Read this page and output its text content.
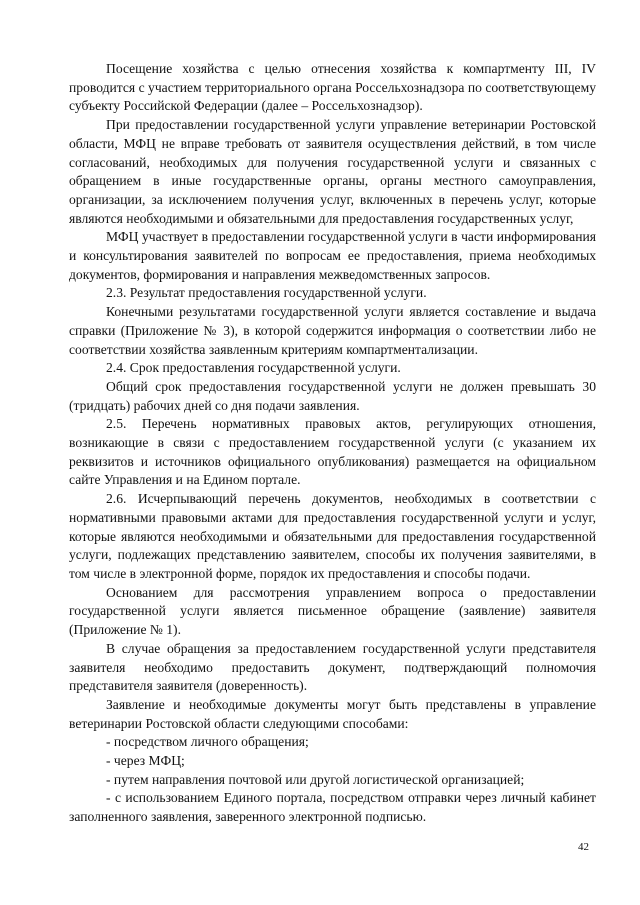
Посещение хозяйства с целью отнесения хозяйства к компартменту III, IV проводится с участием территориального органа Россельхознадзора по соответствующему субъекту Российской Федерации (далее – Россельхознадзор).

При предоставлении государственной услуги управление ветеринарии Ростовской области, МФЦ не вправе требовать от заявителя осуществления действий, в том числе согласований, необходимых для получения государственной услуги и связанных с обращением в иные государственные органы, органы местного самоуправления, организации, за исключением получения услуг, включенных в перечень услуг, которые являются необходимыми и обязательными для предоставления государственных услуг,

МФЦ участвует в предоставлении государственной услуги в части информирования и консультирования заявителей по вопросам ее предоставления, приема необходимых документов, формирования и направления межведомственных запросов.

2.3. Результат предоставления государственной услуги.

Конечными результатами государственной услуги является составление и выдача справки (Приложение № 3), в которой содержится информация о соответствии либо не соответствии хозяйства заявленным критериям компартментализации.

2.4. Срок предоставления государственной услуги.

Общий срок предоставления государственной услуги не должен превышать 30 (тридцать) рабочих дней со дня подачи заявления.

2.5. Перечень нормативных правовых актов, регулирующих отношения, возникающие в связи с предоставлением государственной услуги (с указанием их реквизитов и источников официального опубликования) размещается на официальном сайте Управления и на Едином портале.

2.6. Исчерпывающий перечень документов, необходимых в соответствии с нормативными правовыми актами для предоставления государственной услуги и услуг, которые являются необходимыми и обязательными для предоставления государственной услуги, подлежащих представлению заявителем, способы их получения заявителями, в том числе в электронной форме, порядок их предоставления и способы подачи.

Основанием для рассмотрения управлением вопроса о предоставлении государственной услуги является письменное обращение (заявление) заявителя (Приложение № 1).

В случае обращения за предоставлением государственной услуги представителя заявителя необходимо предоставить документ, подтверждающий полномочия представителя заявителя (доверенность).

Заявление и необходимые документы могут быть представлены в управление ветеринарии Ростовской области следующими способами:

- посредством личного обращения;

- через МФЦ;

- путем направления почтовой или другой логистической организацией;

- с использованием Единого портала, посредством отправки через личный кабинет заполненного заявления, заверенного электронной подписью.

42
